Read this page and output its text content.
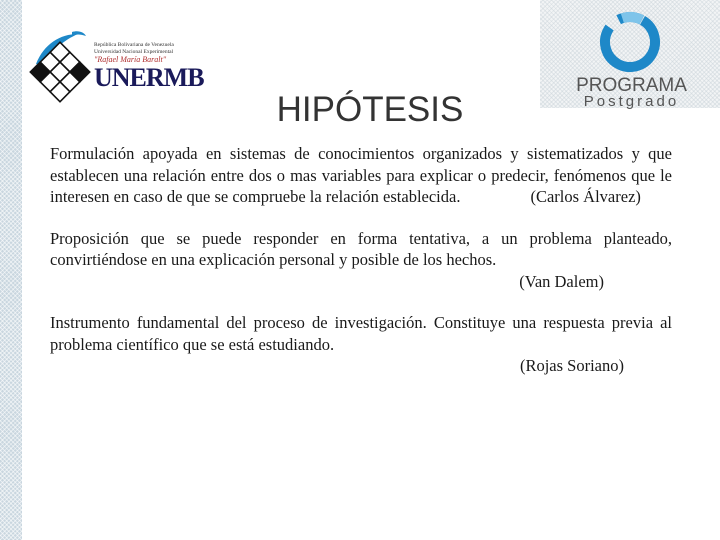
República Bolivariana de Venezuela
Universidad Nacional Experimental
"Rafael María Baralt"
UNERMB	PROGRAMA
Postgrado
HIPÓTESIS
Formulación apoyada en sistemas de conocimientos organizados y sistematizados y que establecen una relación entre dos o mas variables para explicar o predecir, fenómenos que le interesen en caso de que se compruebe la relación establecida.	(Carlos Álvarez)
Proposición que se puede responder en forma tentativa, a un problema planteado, convirtiéndose en una explicación personal y posible de los hechos.
(Van Dalem)
Instrumento fundamental del proceso de investigación. Constituye una respuesta previa al problema científico que se está estudiando.
(Rojas Soriano)
